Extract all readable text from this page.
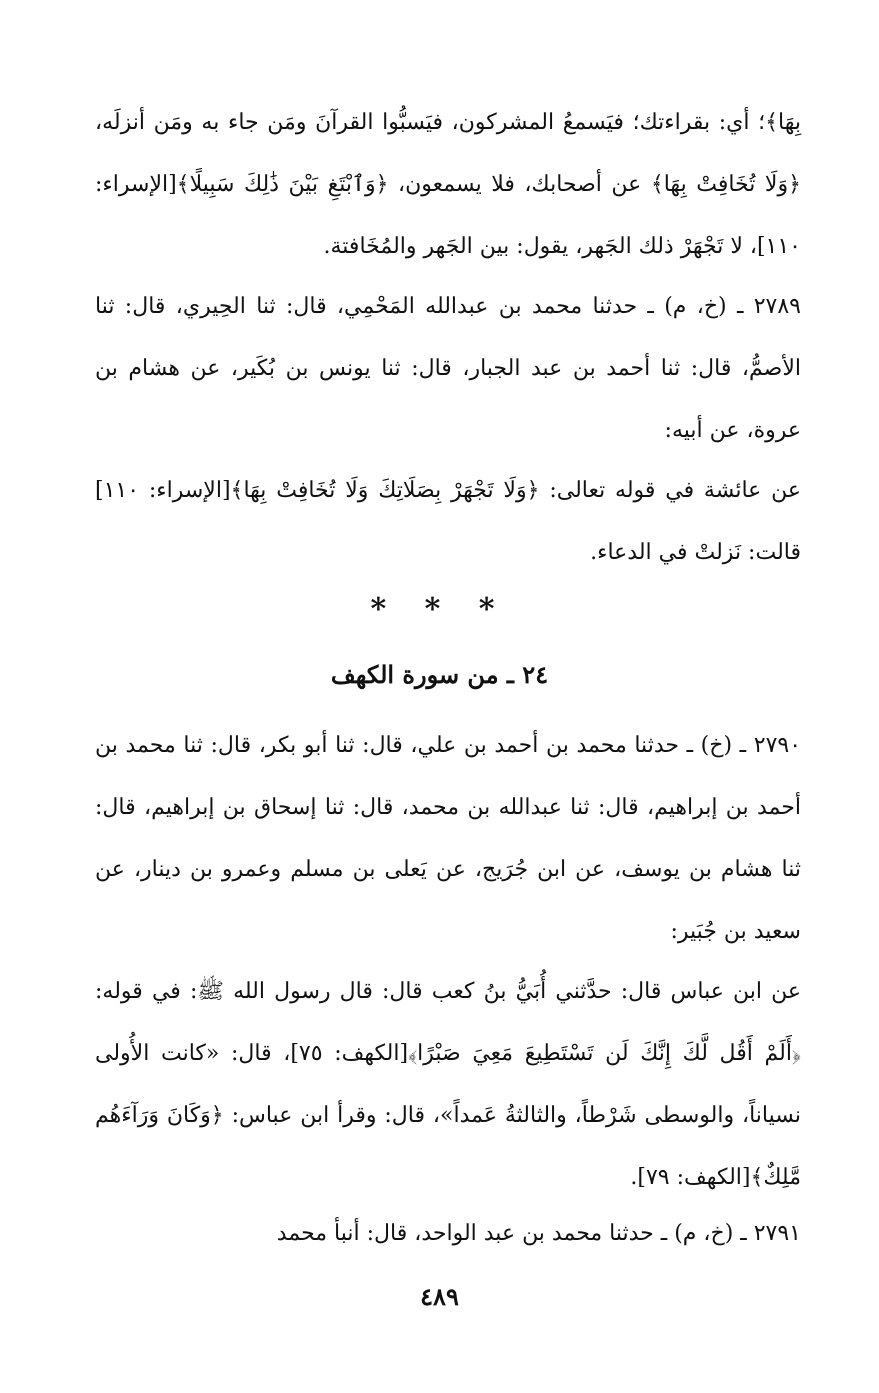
بِهَا﴾؛ أي: بقراءتك؛ فيَسمعُ المشركون، فيَسبُّوا القرآنَ ومَن جاء به ومَن أنزلَه، ﴿وَلَا تُخَافِتْ بِهَا﴾ عن أصحابك، فلا يسمعون، ﴿وَٱبْتَغِ بَيْنَ ذَٰلِكَ سَبِيلًا﴾[الإسراء: ١١٠]، لا تَجْهَرْ ذلك الجَهر، يقول: بين الجَهر والمُخَافتة.

٢٧٨٩ ـ (خ، م) ـ حدثنا محمد بن عبدالله المَحْمِي، قال: ثنا الحِيري، قال: ثنا الأصمُّ، قال: ثنا أحمد بن عبد الجبار، قال: ثنا يونس بن بُكَير، عن هشام بن عروة، عن أبيه:

عن عائشة في قوله تعالى: ﴿وَلَا تَجْهَرْ بِصَلَاتِكَ وَلَا تُخَافِتْ بِهَا﴾[الإسراء: ١١٠] قالت: نَزلتْ في الدعاء.

* * *
٢٤ ـ من سورة الكهف

٢٧٩٠ ـ (خ) ـ حدثنا محمد بن أحمد بن علي، قال: ثنا أبو بكر، قال: ثنا محمد بن أحمد بن إبراهيم، قال: ثنا عبدالله بن محمد، قال: ثنا إسحاق بن إبراهيم، قال: ثنا هشام بن يوسف، عن ابن جُرَيج، عن يَعلى بن مسلم وعمرو بن دينار، عن سعيد بن جُبَير:

عن ابن عباس قال: حدَّثني أُبَيُّ بنُ كعب قال: قال رسول الله ﷺ: في قوله: ﴿أَلَمْ أَقُل لَّكَ إِنَّكَ لَن تَسْتَطِيعَ مَعِيَ صَبْرًا﴾[الكهف: ٧٥]، قال: «كانت الأُولى نسياناً، والوسطى شَرْطاً، والثالثةُ عَمداً»، قال: وقرأ ابن عباس: ﴿وَكَانَ وَرَآءَهُم مَّلِكٌ﴾[الكهف: ٧٩].

٢٧٩١ ـ (خ، م) ـ حدثنا محمد بن عبد الواحد، قال: أنبأ محمد

٤٨٩
